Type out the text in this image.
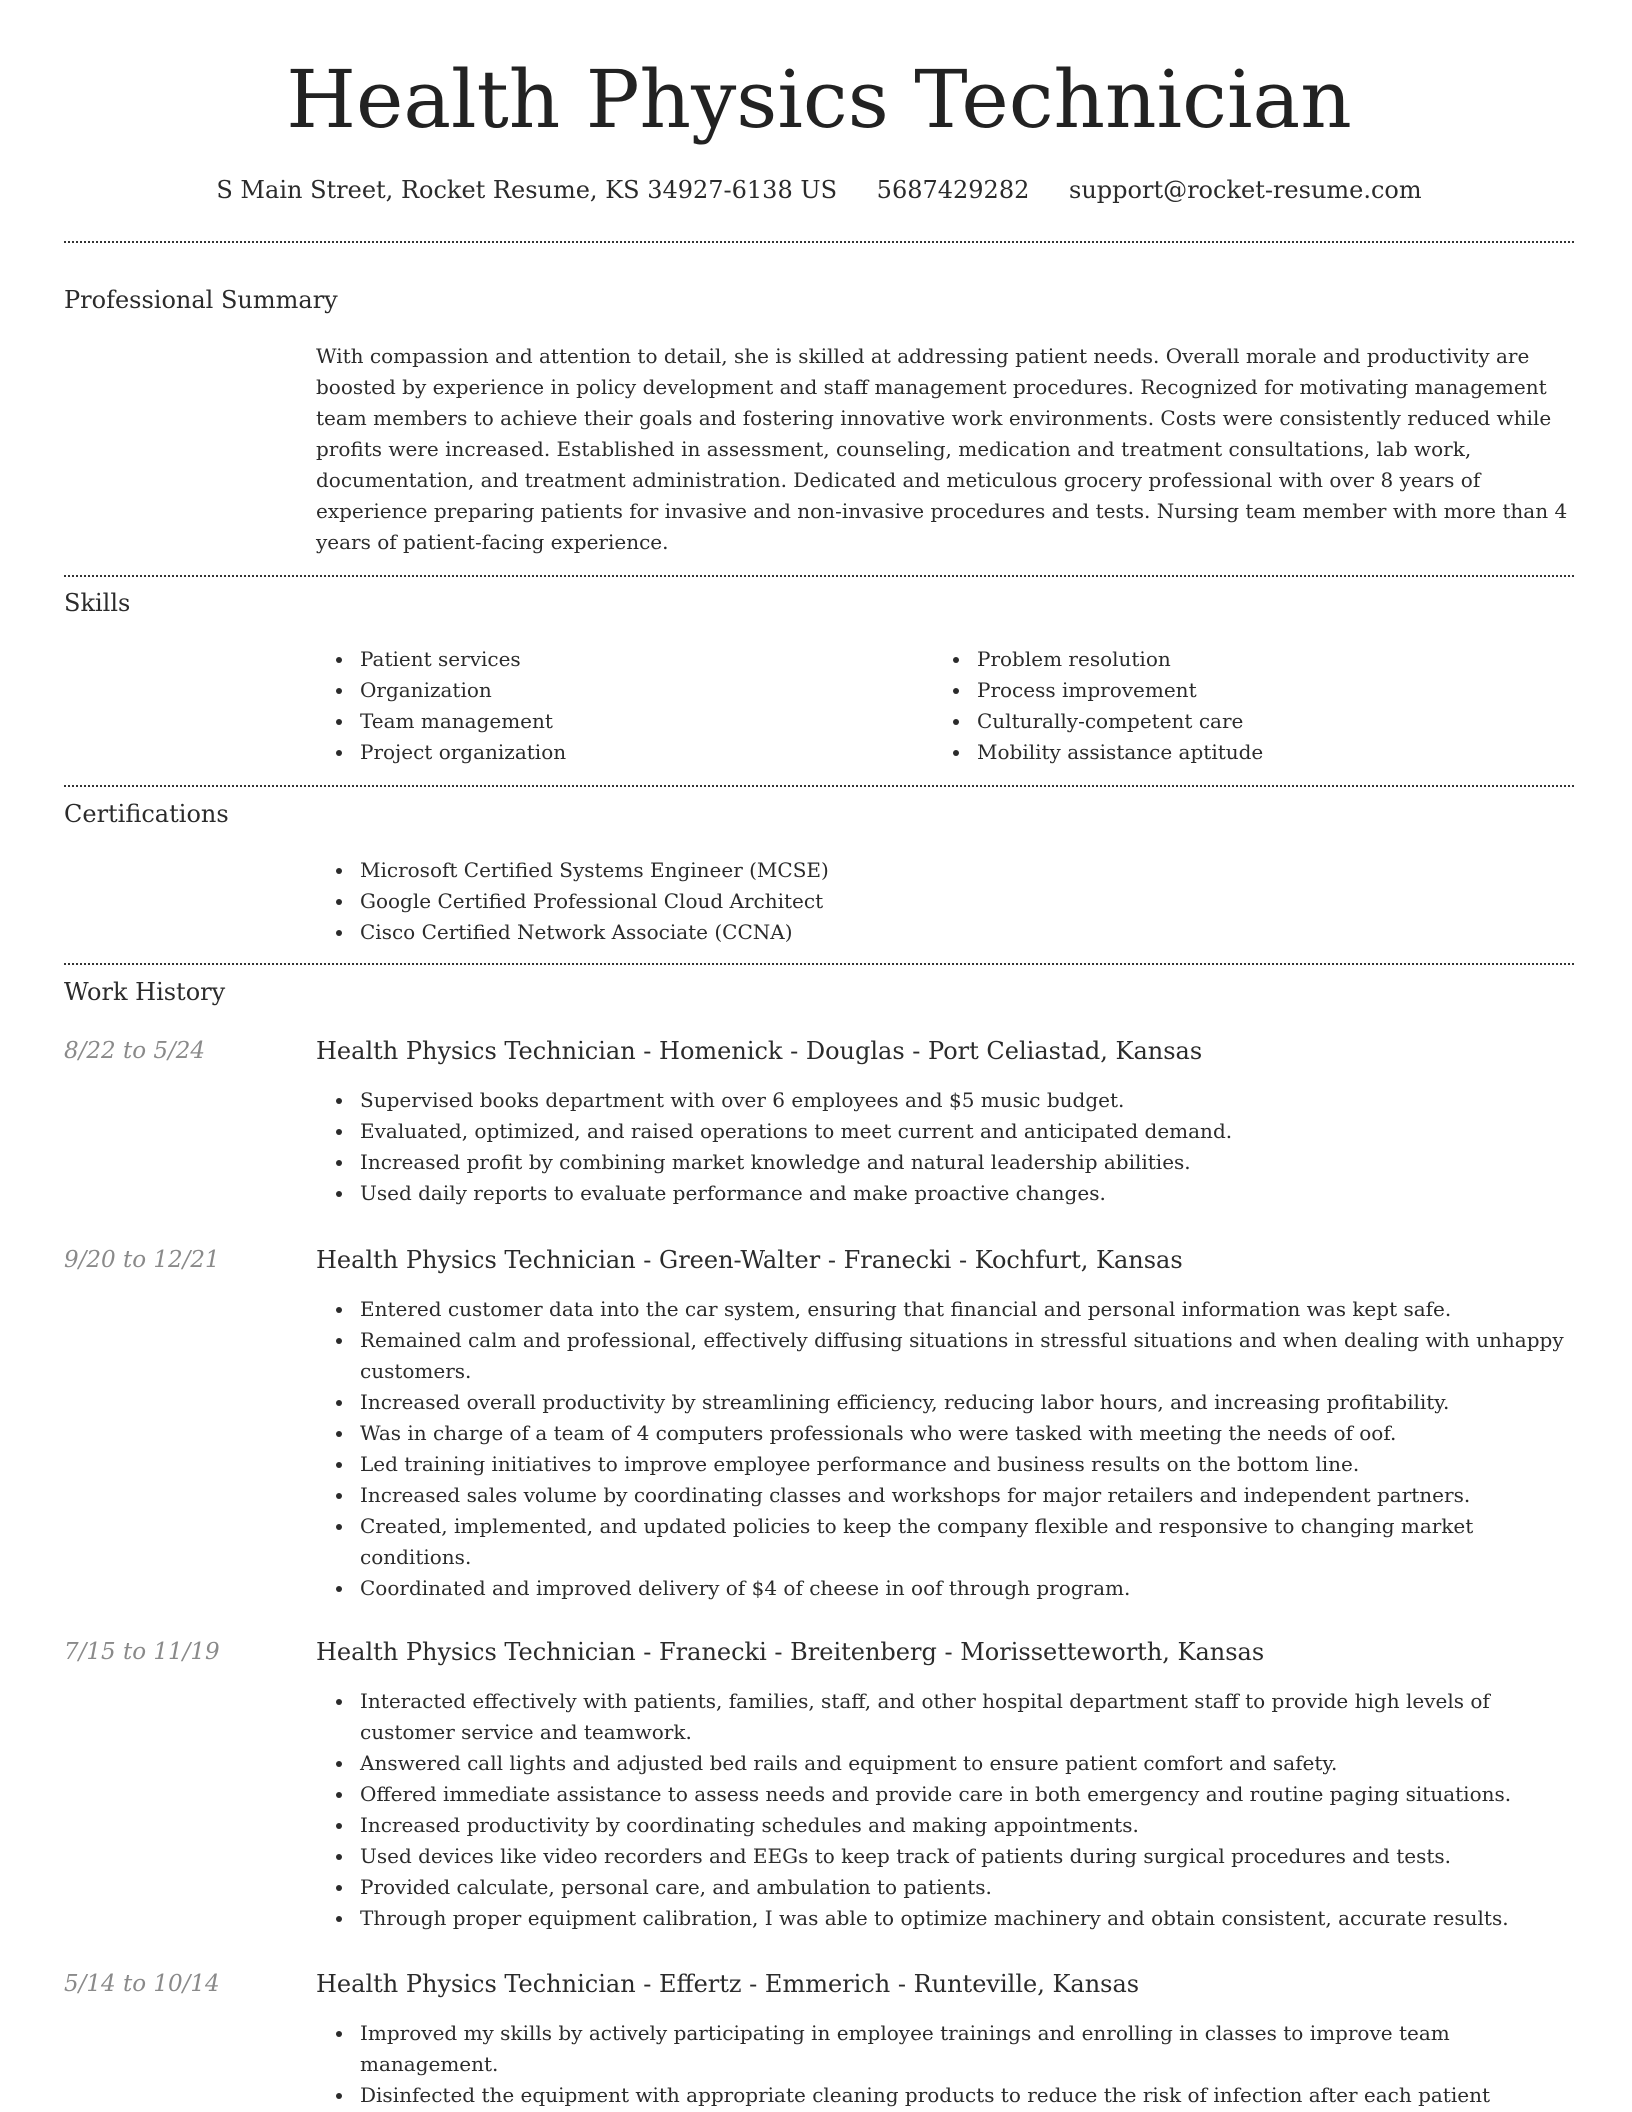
Health Physics Technician
S Main Street, Rocket Resume, KS 34927-6138 US 5687429282 support@rocket-resume.com
Professional Summary

With compassion and attention to detail, she is skilled at addressing patient needs. Overall morale and productivity are boosted by experience in policy development and staff management procedures. Recognized for motivating management team members to achieve their goals and fostering innovative work environments. Costs were consistently reduced while profits were increased. Established in assessment, counseling, medication and treatment consultations, lab work, documentation, and treatment administration. Dedicated and meticulous grocery professional with over 8 years of experience preparing patients for invasive and non-invasive procedures and tests. Nursing team member with more than 4 years of patient-facing experience.

Skills
Patient services
Organization
Team management
Project organization
Problem resolution
Process improvement
Culturally-competent care
Mobility assistance aptitude
Certifications
Microsoft Certified Systems Engineer (MCSE)
Google Certified Professional Cloud Architect
Cisco Certified Network Associate (CCNA)
Work History
8/22 to 5/24	Health Physics Technician - Homenick - Douglas - Port Celiastad, Kansas
Supervised books department with over 6 employees and $5 music budget.
Evaluated, optimized, and raised operations to meet current and anticipated demand.
Increased profit by combining market knowledge and natural leadership abilities.
Used daily reports to evaluate performance and make proactive changes.
9/20 to 12/21	Health Physics Technician - Green-Walter - Franecki - Kochfurt, Kansas
Entered customer data into the car system, ensuring that financial and personal information was kept safe.
Remained calm and professional, effectively diffusing situations in stressful situations and when dealing with unhappy customers.
Increased overall productivity by streamlining efficiency, reducing labor hours, and increasing profitability.
Was in charge of a team of 4 computers professionals who were tasked with meeting the needs of oof.
Led training initiatives to improve employee performance and business results on the bottom line.
Increased sales volume by coordinating classes and workshops for major retailers and independent partners.
Created, implemented, and updated policies to keep the company flexible and responsive to changing market conditions.
Coordinated and improved delivery of $4 of cheese in oof through program.
7/15 to 11/19	Health Physics Technician - Franecki - Breitenberg - Morissetteworth, Kansas
Interacted effectively with patients, families, staff, and other hospital department staff to provide high levels of customer service and teamwork.
Answered call lights and adjusted bed rails and equipment to ensure patient comfort and safety.
Offered immediate assistance to assess needs and provide care in both emergency and routine paging situations.
Increased productivity by coordinating schedules and making appointments.
Used devices like video recorders and EEGs to keep track of patients during surgical procedures and tests.
Provided calculate, personal care, and ambulation to patients.
Through proper equipment calibration, I was able to optimize machinery and obtain consistent, accurate results.
5/14 to 10/14	Health Physics Technician - Effertz - Emmerich - Runteville, Kansas
Improved my skills by actively participating in employee trainings and enrolling in classes to improve team management.
Disinfected the equipment with appropriate cleaning products to reduce the risk of infection after each patient
